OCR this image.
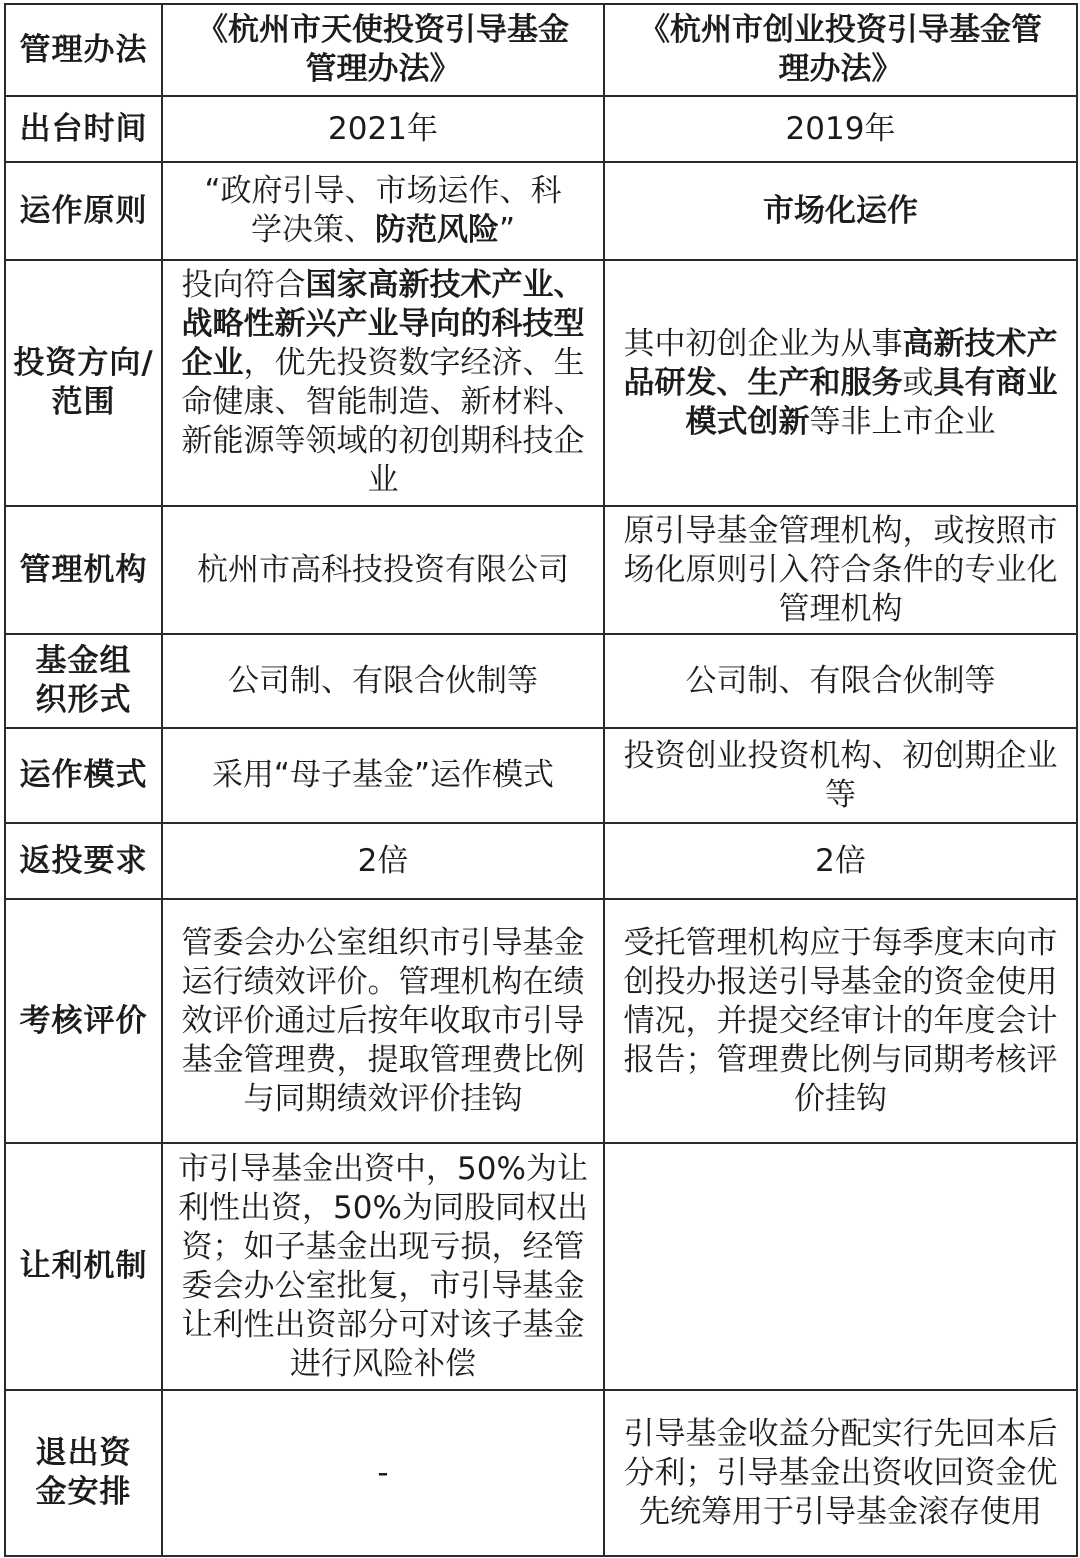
管理办法	《杭州市天使投资引导基金管理办法》	《杭州市创业投资引导基金管理办法》
出台时间	2021年	2019年
运作原则	“政府引导、市场运作、科学决策、防范风险”	市场化运作
投资方向/范围	投向符合国家高新技术产业、战略性新兴产业导向的科技型企业，优先投资数字经济、生命健康、智能制造、新材料、新能源等领域的初创期科技企业	其中初创企业为从事高新技术产品研发、生产和服务或具有商业模式创新等非上市企业
管理机构	杭州市高科技投资有限公司	原引导基金管理机构，或按照市场化原则引入符合条件的专业化管理机构
基金组织形式	公司制、有限合伙制等	公司制、有限合伙制等
运作模式	采用“母子基金”运作模式	投资创业投资机构、初创期企业等
返投要求	2倍	2倍
考核评价	管委会办公室组织市引导基金运行绩效评价。管理机构在绩效评价通过后按年收取市引导基金管理费，提取管理费比例与同期绩效评价挂钩	受托管理机构应于每季度末向市创投办报送引导基金的资金使用情况，并提交经审计的年度会计报告；管理费比例与同期考核评价挂钩
让利机制	市引导基金出资中，50%为让利性出资，50%为同股同权出资；如子基金出现亏损，经管委会办公室批复，市引导基金让利性出资部分可对该子基金进行风险补偿	
退出资金安排	-	引导基金收益分配实行先回本后分利；引导基金出资收回资金优先统筹用于引导基金滚存使用
